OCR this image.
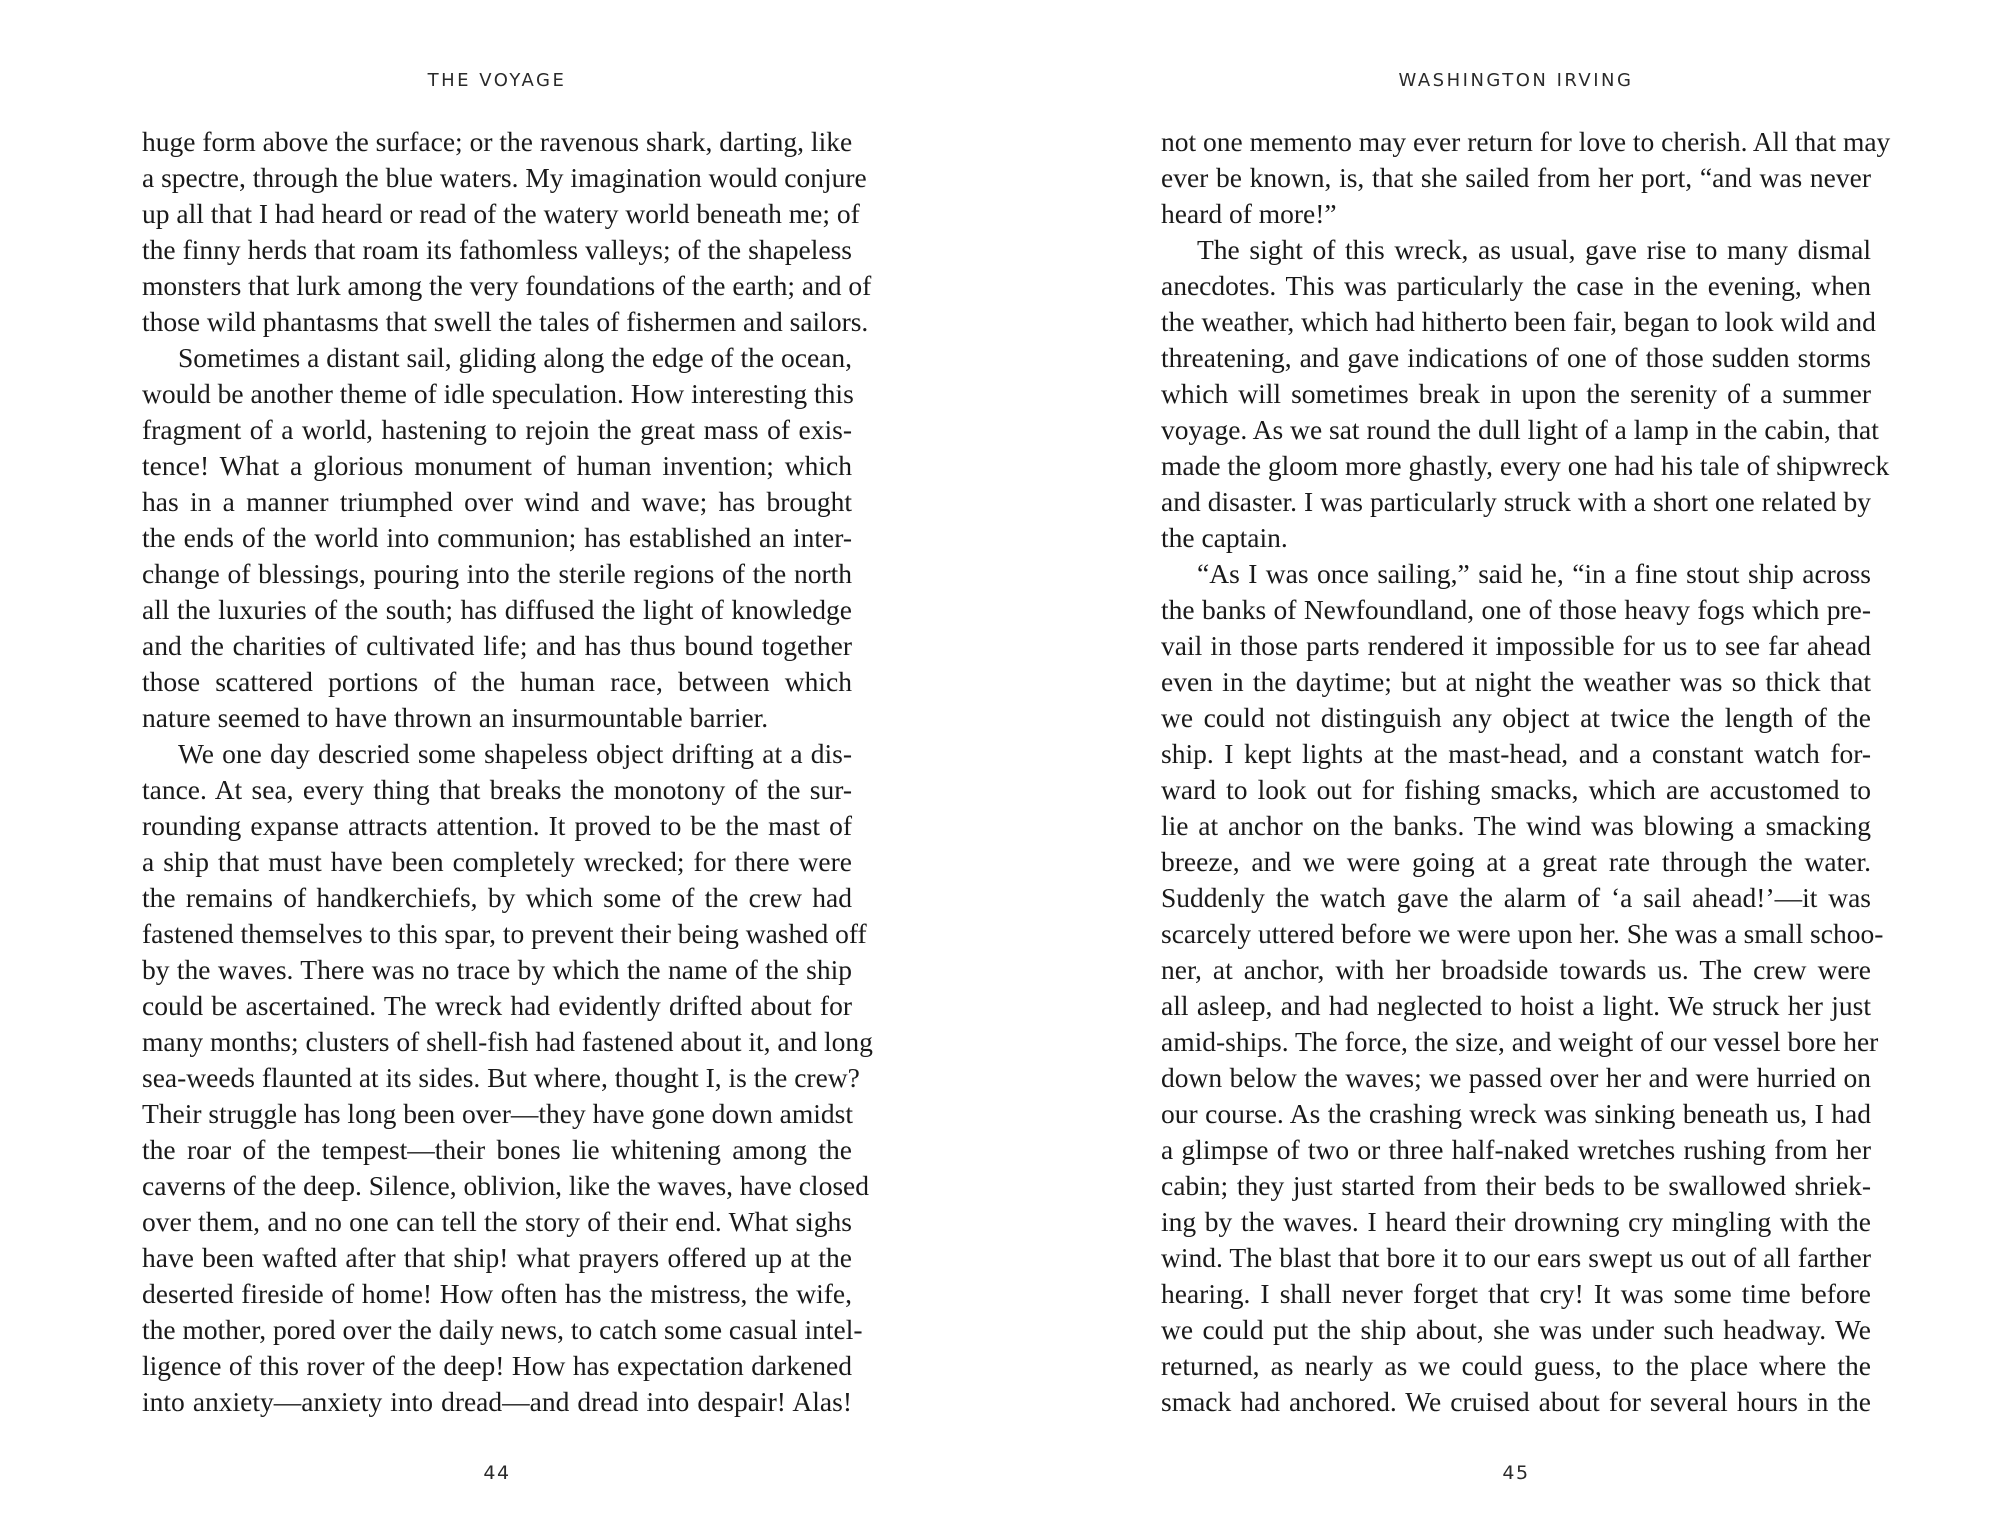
THE VOYAGE
huge form above the surface; or the ravenous shark, darting, like
a spectre, through the blue waters. My imagination would conjure
up all that I had heard or read of the watery world beneath me; of
the finny herds that roam its fathomless valleys; of the shapeless
monsters that lurk among the very foundations of the earth; and of
those wild phantasms that swell the tales of fishermen and sailors.
Sometimes a distant sail, gliding along the edge of the ocean,
would be another theme of idle speculation. How interesting this
fragment of a world, hastening to rejoin the great mass of exis-
tence! What a glorious monument of human invention; which
has in a manner triumphed over wind and wave; has brought
the ends of the world into communion; has established an inter-
change of blessings, pouring into the sterile regions of the north
all the luxuries of the south; has diffused the light of knowledge
and the charities of cultivated life; and has thus bound together
those scattered portions of the human race, between which
nature seemed to have thrown an insurmountable barrier.
We one day descried some shapeless object drifting at a dis-
tance. At sea, every thing that breaks the monotony of the sur-
rounding expanse attracts attention. It proved to be the mast of
a ship that must have been completely wrecked; for there were
the remains of handkerchiefs, by which some of the crew had
fastened themselves to this spar, to prevent their being washed off
by the waves. There was no trace by which the name of the ship
could be ascertained. The wreck had evidently drifted about for
many months; clusters of shell-fish had fastened about it, and long
sea-weeds flaunted at its sides. But where, thought I, is the crew?
Their struggle has long been over—they have gone down amidst
the roar of the tempest—their bones lie whitening among the
caverns of the deep. Silence, oblivion, like the waves, have closed
over them, and no one can tell the story of their end. What sighs
have been wafted after that ship! what prayers offered up at the
deserted fireside of home! How often has the mistress, the wife,
the mother, pored over the daily news, to catch some casual intel-
ligence of this rover of the deep! How has expectation darkened
into anxiety—anxiety into dread—and dread into despair! Alas!
44
WASHINGTON IRVING
not one memento may ever return for love to cherish. All that may
ever be known, is, that she sailed from her port, “and was never
heard of more!”
The sight of this wreck, as usual, gave rise to many dismal
anecdotes. This was particularly the case in the evening, when
the weather, which had hitherto been fair, began to look wild and
threatening, and gave indications of one of those sudden storms
which will sometimes break in upon the serenity of a summer
voyage. As we sat round the dull light of a lamp in the cabin, that
made the gloom more ghastly, every one had his tale of shipwreck
and disaster. I was particularly struck with a short one related by
the captain.
“As I was once sailing,” said he, “in a fine stout ship across
the banks of Newfoundland, one of those heavy fogs which pre-
vail in those parts rendered it impossible for us to see far ahead
even in the daytime; but at night the weather was so thick that
we could not distinguish any object at twice the length of the
ship. I kept lights at the mast-head, and a constant watch for-
ward to look out for fishing smacks, which are accustomed to
lie at anchor on the banks. The wind was blowing a smacking
breeze, and we were going at a great rate through the water.
Suddenly the watch gave the alarm of ‘a sail ahead!’—it was
scarcely uttered before we were upon her. She was a small schoo-
ner, at anchor, with her broadside towards us. The crew were
all asleep, and had neglected to hoist a light. We struck her just
amid-ships. The force, the size, and weight of our vessel bore her
down below the waves; we passed over her and were hurried on
our course. As the crashing wreck was sinking beneath us, I had
a glimpse of two or three half-naked wretches rushing from her
cabin; they just started from their beds to be swallowed shriek-
ing by the waves. I heard their drowning cry mingling with the
wind. The blast that bore it to our ears swept us out of all farther
hearing. I shall never forget that cry! It was some time before
we could put the ship about, she was under such headway. We
returned, as nearly as we could guess, to the place where the
smack had anchored. We cruised about for several hours in the
45
